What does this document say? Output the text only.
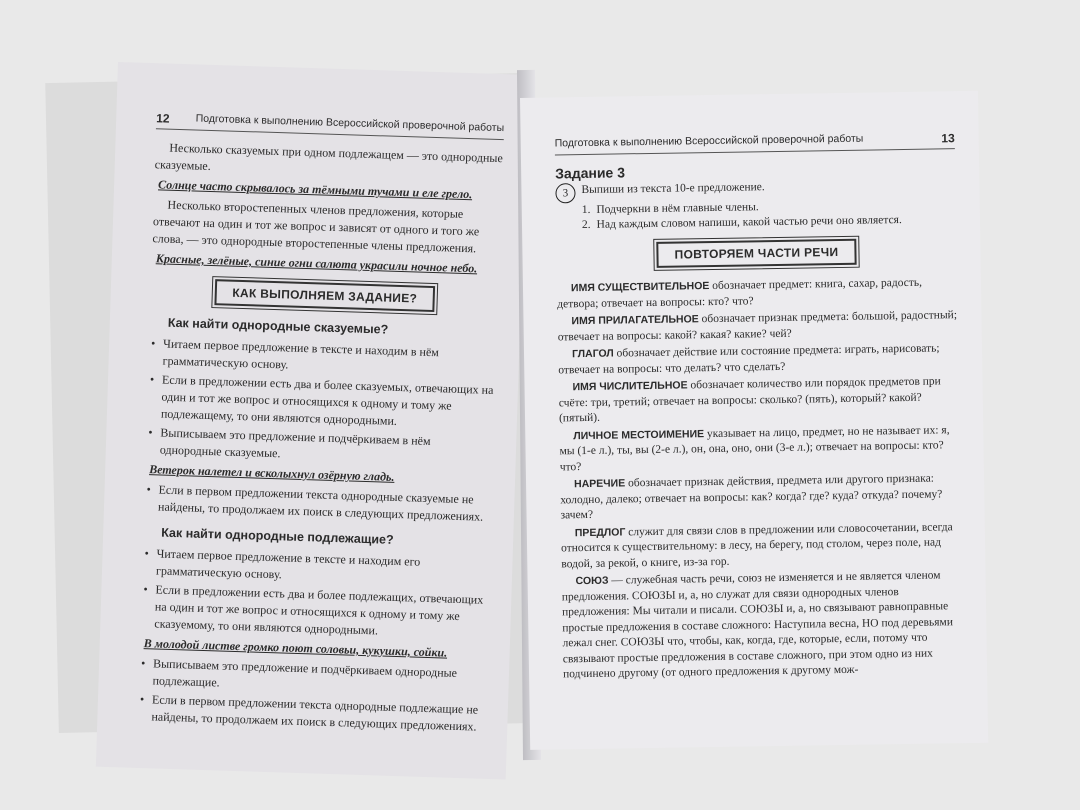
12 Подготовка к выполнению Всероссийской проверочной работы

Несколько сказуемых при одном подлежащем — это однородные сказуемые.

Солнце часто скрывалось за тёмными тучами и еле грело.

Несколько второстепенных членов предложения, которые отвечают на один и тот же вопрос и зависят от одного и того же слова, — это однородные второстепенные члены предложения.

Красные, зелёные, синие огни салюта украсили ночное небо.

КАК ВЫПОЛНЯЕМ ЗАДАНИЕ?
Как найти однородные сказуемые?
• Читаем первое предложение в тексте и находим в нём грамматическую основу.
• Если в предложении есть два и более сказуемых, отвечающих на один и тот же вопрос и относящихся к одному и тому же подлежащему, то они являются однородными.
• Выписываем это предложение и подчёркиваем в нём однородные сказуемые.

Ветерок налетел и всколыхнул озёрную гладь.

• Если в первом предложении текста однородные сказуемые не найдены, то продолжаем их поиск в следующих предложениях.
Как найти однородные подлежащие?
• Читаем первое предложение в тексте и находим его грамматическую основу.
• Если в предложении есть два и более подлежащих, отвечающих на один и тот же вопрос и относящихся к одному и тому же сказуемому, то они являются однородными.

В молодой листве громко поют соловьи, кукушки, сойки.

• Выписываем это предложение и подчёркиваем однородные подлежащие.
• Если в первом предложении текста однородные подлежащие не найдены, то продолжаем их поиск в следующих предложениях.
Подготовка к выполнению Всероссийской проверочной работы	13
Задание 3
3	Выпиши из текста 10-е предложение.
1. Подчеркни в нём главные члены.
2. Над каждым словом напиши, какой частью речи оно является.
ПОВТОРЯЕМ ЧАСТИ РЕЧИ

ИМЯ СУЩЕСТВИТЕЛЬНОЕ обозначает предмет: книга, сахар, радость, детвора; отвечает на вопросы: кто? что?

ИМЯ ПРИЛАГАТЕЛЬНОЕ обозначает признак предмета: большой, радостный; отвечает на вопросы: какой? какая? какие? чей?

ГЛАГОЛ обозначает действие или состояние предмета: играть, нарисовать; отвечает на вопросы: что делать? что сделать?

ИМЯ ЧИСЛИТЕЛЬНОЕ обозначает количество или порядок предметов при счёте: три, третий; отвечает на вопросы: сколько? (пять), который? какой? (пятый).

ЛИЧНОЕ МЕСТОИМЕНИЕ указывает на лицо, предмет, но не называет их: я, мы (1-е л.), ты, вы (2-е л.), он, она, оно, они (3-е л.); отвечает на вопросы: кто? что?

НАРЕЧИЕ обозначает признак действия, предмета или другого признака: холодно, далеко; отвечает на вопросы: как? когда? где? куда? откуда? почему? зачем?

ПРЕДЛОГ служит для связи слов в предложении или словосочетании, всегда относится к существительному: в лесу, на берегу, под столом, через поле, над водой, за рекой, о книге, из-за гор.

СОЮЗ — служебная часть речи, союз не изменяется и не является членом предложения. СОЮЗЫ и, а, но служат для связи однородных членов предложения: Мы читали и писали. СОЮЗЫ и, а, но связывают равноправные простые предложения в составе сложного: Наступила весна, НО под деревьями лежал снег. СОЮЗЫ что, чтобы, как, когда, где, которые, если, потому что связывают простые предложения в составе сложного, при этом одно из них подчинено другому (от одного предложения к другому мож-
